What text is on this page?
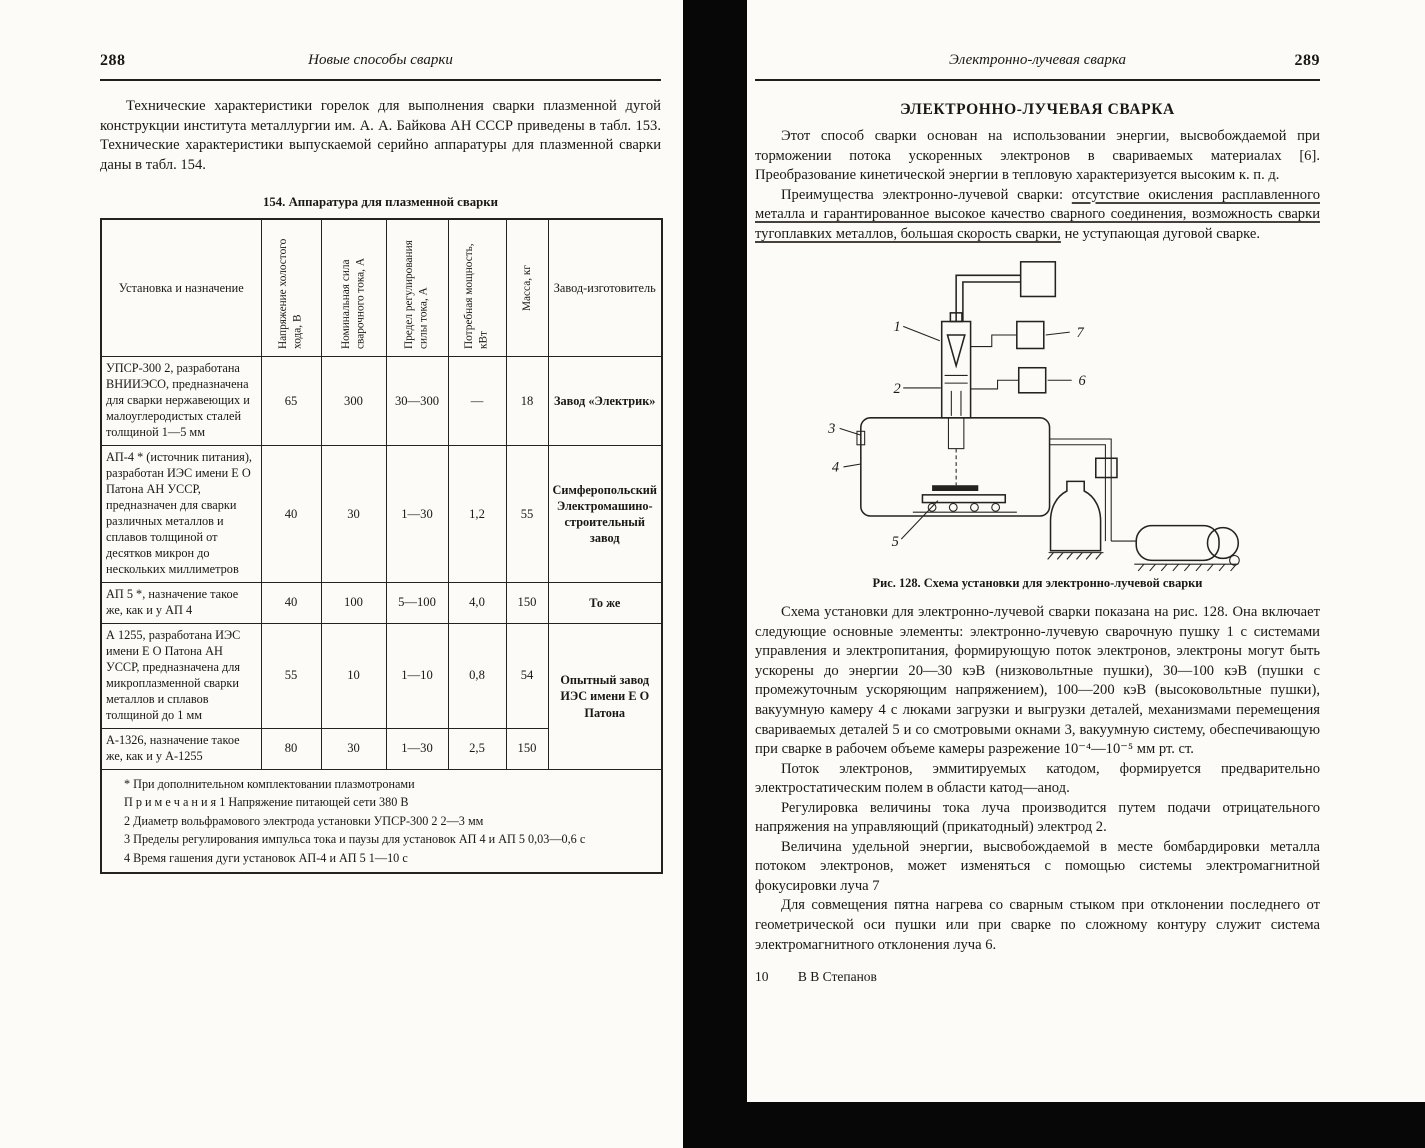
288	Новые способы сварки

Технические характеристики горелок для выполнения сварки плазменной дугой конструкции института металлургии им. А. А. Байкова АН СССР приведены в табл. 153. Технические характеристики выпускаемой серийно аппаратуры для плазменной сварки даны в табл. 154.

154. Аппаратура для плазменной сварки
Установка и назначение	Напряжение холостого хода, В	Номинальная сила сварочного тока, А	Предел регулирования силы тока, А	Потребная мощность, кВт	Масса, кг	Завод-изготовитель
УПСР-300 2, разработана ВНИИЭСО, предназначена для сварки нержавеющих и малоуглеродистых сталей толщиной 1—5 мм	65	300	30—300	—	18	Завод «Электрик»
АП-4 * (источник питания), разработан ИЭС имени Е О Патона АН УССР, предназначен для сварки различных металлов и сплавов толщиной от десятков микрон до нескольких миллиметров	40	30	1—30	1,2	55	Симферопольский Электромашиностроительный завод
АП 5 *, назначение такое же, как и у АП 4	40	100	5—100	4,0	150	То же
А 1255, разработана ИЭС имени Е О Патона АН УССР, предназначена для микроплазменной сварки металлов и сплавов толщиной до 1 мм	55	10	1—10	0,8	54	Опытный завод ИЭС имени Е О Патона
А-1326, назначение такое же, как и у А-1255	80	30	1—30	2,5	150	

* При дополнительном комплектовании плазмотронами

П р и м е ч а н и я 1 Напряжение питающей сети 380 В

2 Диаметр вольфрамового электрода установки УПСР-300 2 2—3 мм

3 Пределы регулирования импульса тока и паузы для установок АП 4 и АП 5 0,03—0,6 с

4 Время гашения дуги установок АП-4 и АП 5 1—10 с						

Электронно-лучевая сварка	289
ЭЛЕКТРОННО-ЛУЧЕВАЯ СВАРКА

Этот способ сварки основан на использовании энергии, высвобождаемой при торможении потока ускоренных электронов в свариваемых материалах [6]. Преобразование кинетической энергии в тепловую характеризуется высоким к. п. д.

Преимущества электронно-лучевой сварки: отсутствие окисления расплавленного металла и гарантированное высокое качество сварного соединения, возможность сварки тугоплавких металлов, большая скорость сварки, не уступающая дуговой сварке.

1
2
3
4
5
6
7
Рис. 128. Схема установки для электронно-лучевой сварки

Схема установки для электронно-лучевой сварки показана на рис. 128. Она включает следующие основные элементы: электронно-лучевую сварочную пушку 1 с системами управления и электропитания, формирующую поток электронов, электроны могут быть ускорены до энергии 20—30 кэВ (низковольтные пушки), 30—100 кэВ (пушки с промежуточным ускоряющим напряжением), 100—200 кэВ (высоковольтные пушки), вакуумную камеру 4 с люками загрузки и выгрузки деталей, механизмами перемещения свариваемых деталей 5 и со смотровыми окнами 3, вакуумную систему, обеспечивающую при сварке в рабочем объеме камеры разрежение 10⁻⁴—10⁻⁵ мм рт. ст.

Поток электронов, эммитируемых катодом, формируется предварительно электростатическим полем в области катод—анод.

Регулировка величины тока луча производится путем подачи отрицательного напряжения на управляющий (прикатодный) электрод 2.

Величина удельной энергии, высвобождаемой в месте бомбардировки металла потоком электронов, может изменяться с помощью системы электромагнитной фокусировки луча 7

Для совмещения пятна нагрева со сварным стыком при отклонении последнего от геометрической оси пушки или при сварке по сложному контуру служит система электромагнитного отклонения луча 6.

10 В В Степанов
